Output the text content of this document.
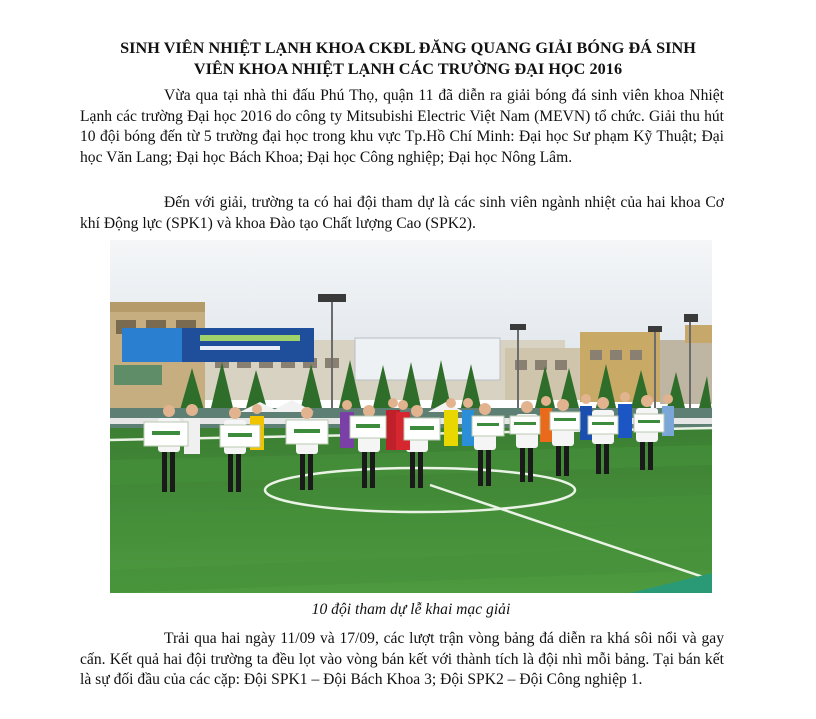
SINH VIÊN NHIỆT LẠNH KHOA CKĐL ĐĂNG QUANG GIẢI BÓNG ĐÁ SINH
VIÊN KHOA NHIỆT LẠNH CÁC TRƯỜNG ĐẠI HỌC 2016

Vừa qua tại nhà thi đấu Phú Thọ, quận 11 đã diễn ra giải bóng đá sinh viên khoa Nhiệt Lạnh các trường Đại học 2016 do công ty Mitsubishi Electric Việt Nam (MEVN) tổ chức. Giải thu hút 10 đội bóng đến từ 5 trường đại học trong khu vực Tp.Hồ Chí Minh: Đại học Sư phạm Kỹ Thuật; Đại học Văn Lang; Đại học Bách Khoa; Đại học Công nghiệp; Đại học Nông Lâm.

Đến với giải, trường ta có hai đội tham dự là các sinh viên ngành nhiệt của hai khoa Cơ khí Động lực (SPK1) và khoa Đào tạo Chất lượng Cao (SPK2).

10 đội tham dự lễ khai mạc giải

Trải qua hai ngày 11/09 và 17/09, các lượt trận vòng bảng đá diễn ra khá sôi nổi và gay cấn. Kết quả hai đội trường ta đều lọt vào vòng bán kết với thành tích là đội nhì mỗi bảng. Tại bán kết là sự đối đầu của các cặp: Đội SPK1 – Đội Bách Khoa 3; Đội SPK2 – Đội Công nghiệp 1.
